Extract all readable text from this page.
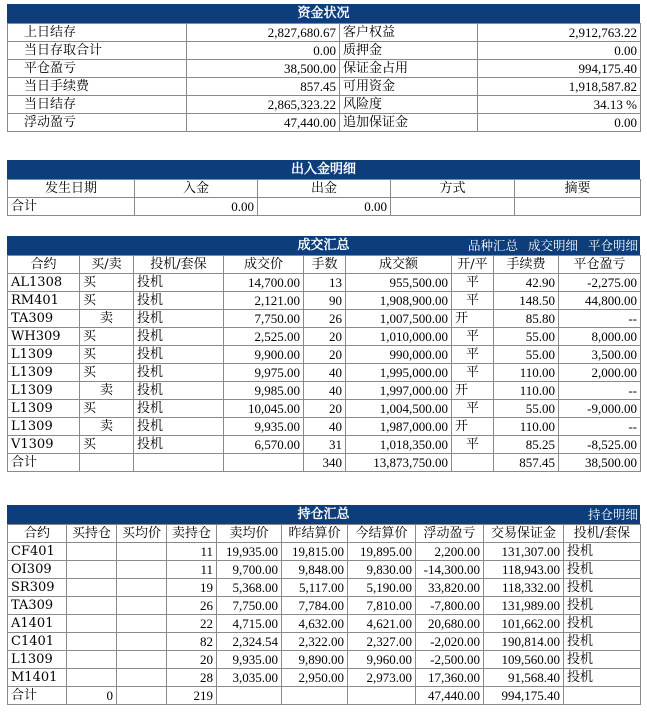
资金状况
上日结存	2,827,680.67	客户权益	2,912,763.22
当日存取合计	0.00	质押金	0.00
平仓盈亏	38,500.00	保证金占用	994,175.40
当日手续费	857.45	可用资金	1,918,587.82
当日结存	2,865,323.22	风险度	34.13 %
浮动盈亏	47,440.00	追加保证金	0.00
出入金明细
发生日期	入金	出金	方式	摘要
合计	0.00	0.00		
成交汇总	品种汇总 成交明细 平仓明细
合约	买/卖	投机/套保	成交价	手数	成交额	开/平	手续费	平仓盈亏
AL1308	买	投机	14,700.00	13	955,500.00	平	42.90	-2,275.00
RM401	买	投机	2,121.00	90	1,908,900.00	平	148.50	44,800.00
TA309	卖	投机	7,750.00	26	1,007,500.00	开	85.80	--
WH309	买	投机	2,525.00	20	1,010,000.00	平	55.00	8,000.00
L1309	买	投机	9,900.00	20	990,000.00	平	55.00	3,500.00
L1309	买	投机	9,975.00	40	1,995,000.00	平	110.00	2,000.00
L1309	卖	投机	9,985.00	40	1,997,000.00	开	110.00	--
L1309	买	投机	10,045.00	20	1,004,500.00	平	55.00	-9,000.00
L1309	卖	投机	9,935.00	40	1,987,000.00	开	110.00	--
V1309	买	投机	6,570.00	31	1,018,350.00	平	85.25	-8,525.00
合计				340	13,873,750.00		857.45	38,500.00
持仓汇总	持仓明细
合约	买持仓	买均价	卖持仓	卖均价	昨结算价	今结算价	浮动盈亏	交易保证金	投机/套保
CF401			11	19,935.00	19,815.00	19,895.00	2,200.00	131,307.00	投机
OI309			11	9,700.00	9,848.00	9,830.00	-14,300.00	118,943.00	投机
SR309			19	5,368.00	5,117.00	5,190.00	33,820.00	118,332.00	投机
TA309			26	7,750.00	7,784.00	7,810.00	-7,800.00	131,989.00	投机
A1401			22	4,715.00	4,632.00	4,621.00	20,680.00	101,662.00	投机
C1401			82	2,324.54	2,322.00	2,327.00	-2,020.00	190,814.00	投机
L1309			20	9,935.00	9,890.00	9,960.00	-2,500.00	109,560.00	投机
M1401			28	3,035.00	2,950.00	2,973.00	17,360.00	91,568.40	投机
合计	0		219				47,440.00	994,175.40	
